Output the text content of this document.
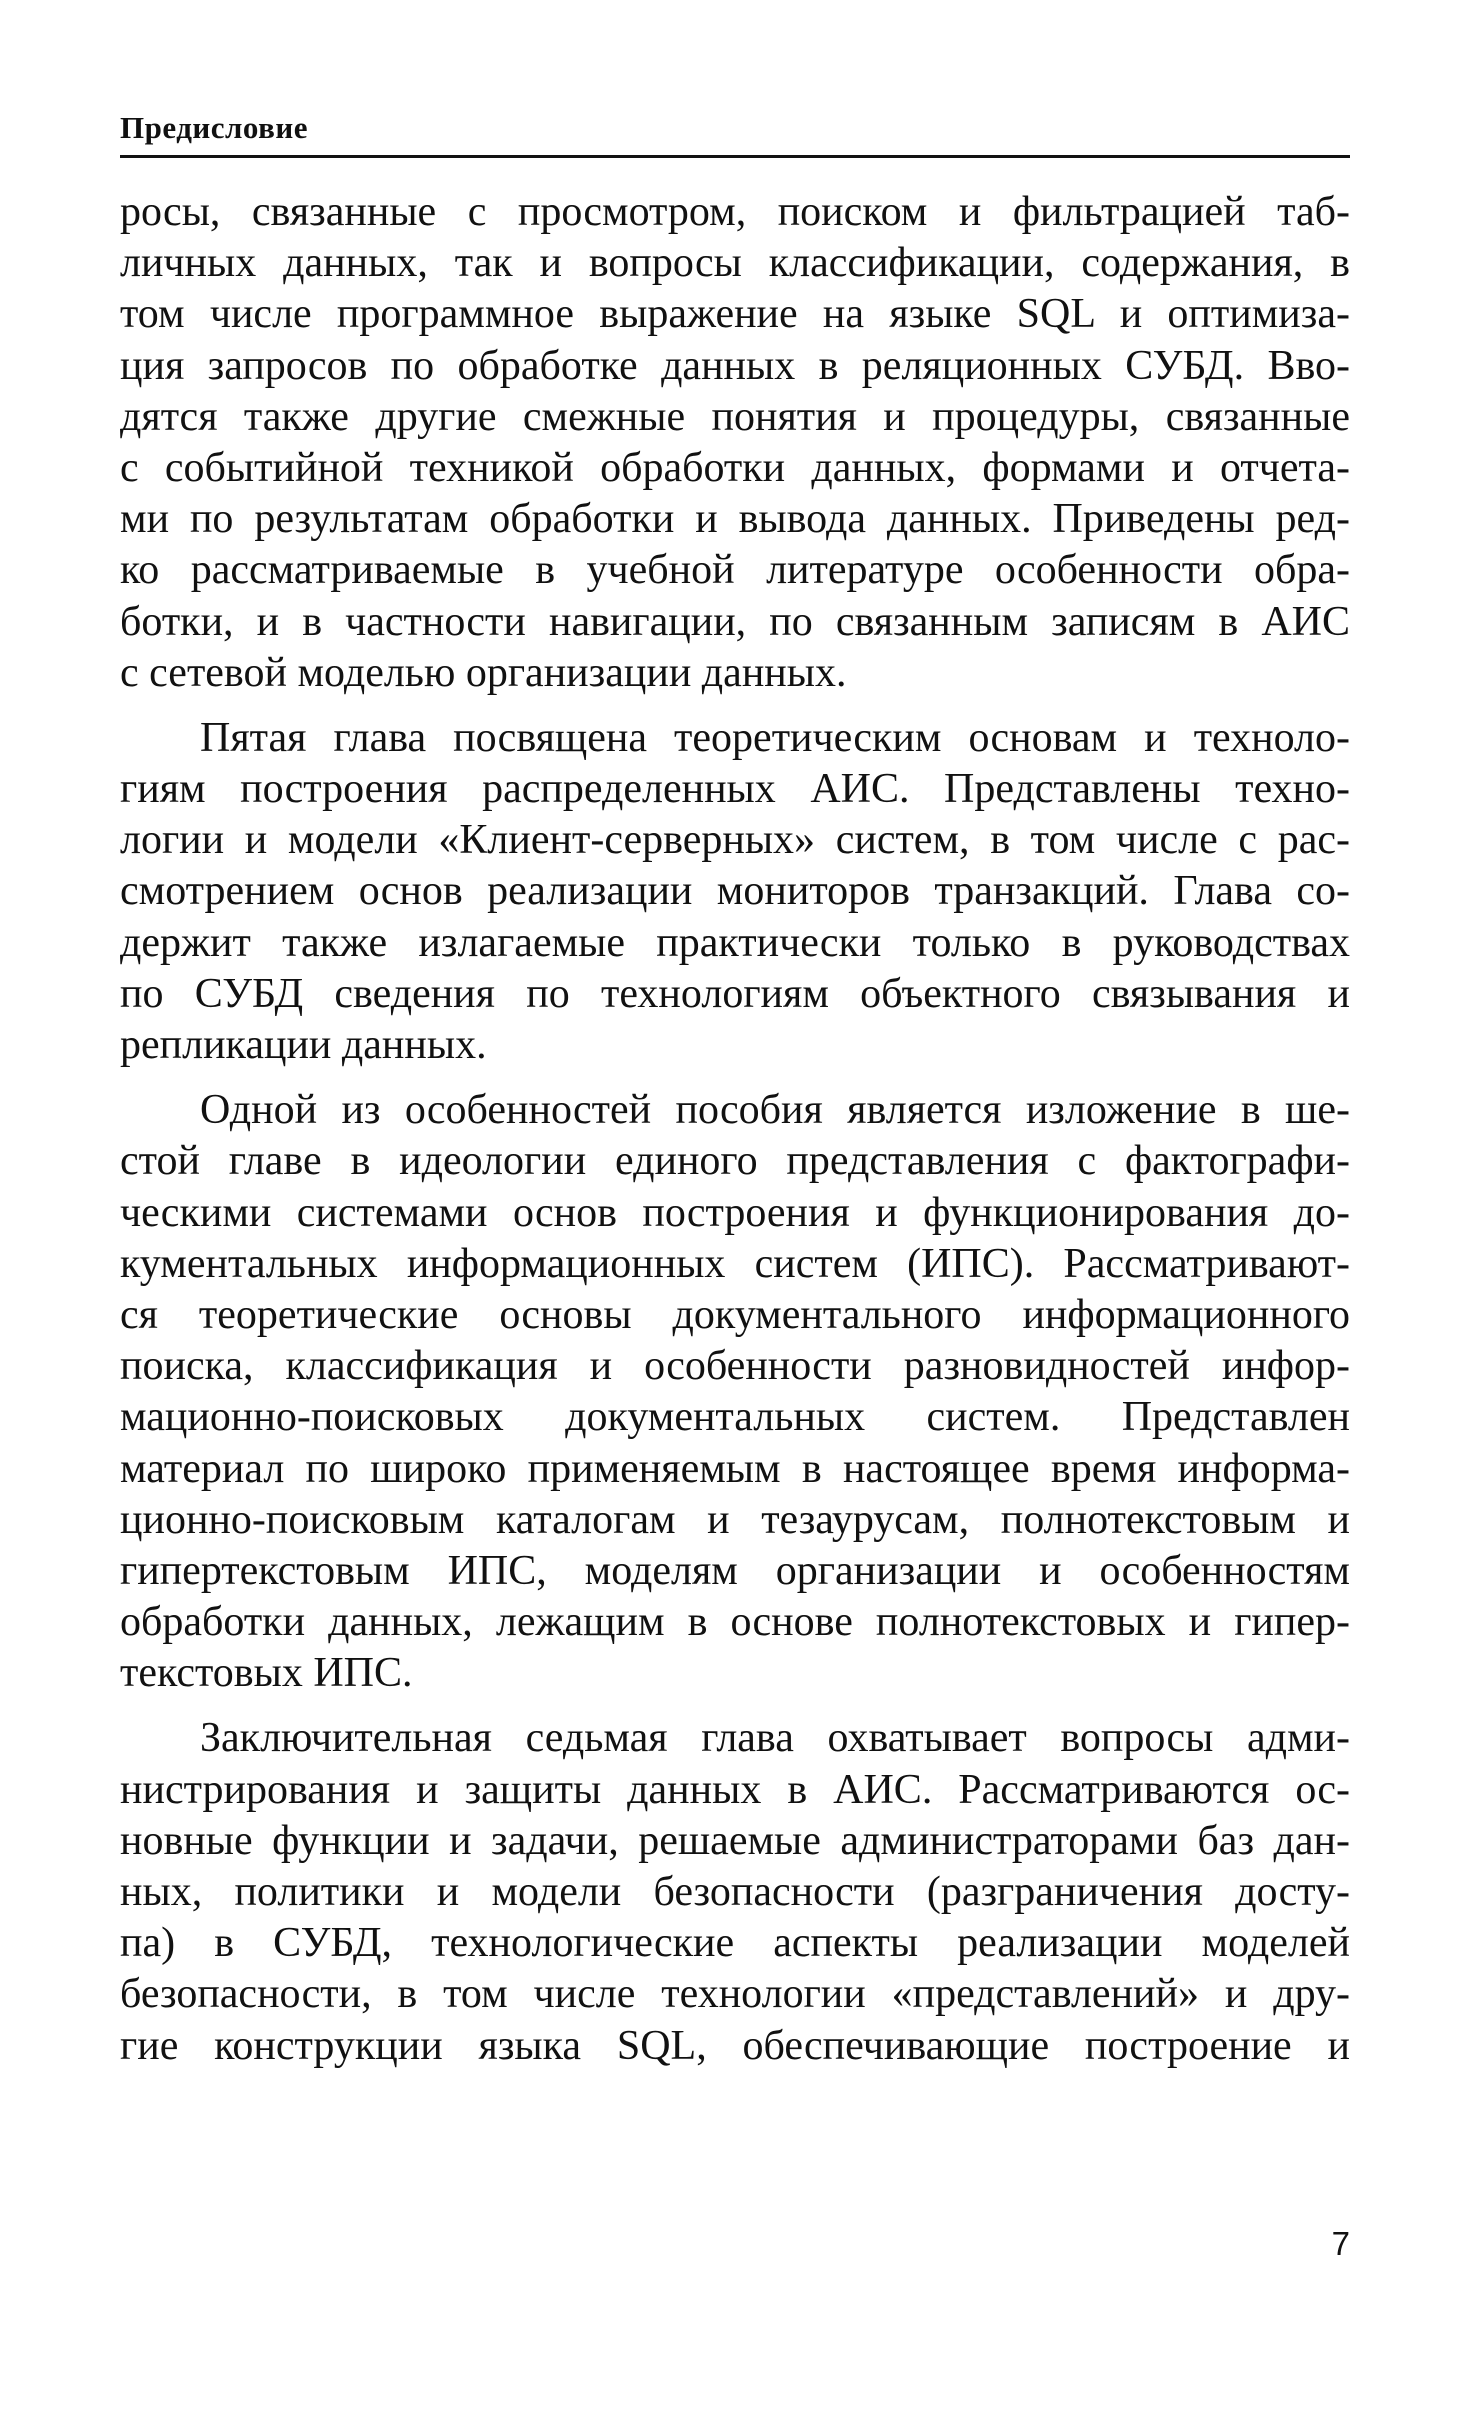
Предисловие

росы, связанные с просмотром, поиском и фильтрацией таб-
личных данных, так и вопросы классификации, содержания, в
том числе программное выражение на языке SQL и оптимиза-
ция запросов по обработке данных в реляционных СУБД. Вво-
дятся также другие смежные понятия и процедуры, связанные
с событийной техникой обработки данных, формами и отчета-
ми по результатам обработки и вывода данных. Приведены ред-
ко рассматриваемые в учебной литературе особенности обра-
ботки, и в частности навигации, по связанным записям в АИС
с сетевой моделью организации данных.

Пятая глава посвящена теоретическим основам и техноло-
гиям построения распределенных АИС. Представлены техно-
логии и модели «Клиент-серверных» систем, в том числе с рас-
смотрением основ реализации мониторов транзакций. Глава со-
держит также излагаемые практически только в руководствах
по СУБД сведения по технологиям объектного связывания и
репликации данных.

Одной из особенностей пособия является изложение в ше-
стой главе в идеологии единого представления с фактографи-
ческими системами основ построения и функционирования до-
кументальных информационных систем (ИПС). Рассматривают-
ся теоретические основы документального информационного
поиска, классификация и особенности разновидностей инфор-
мационно-поисковых документальных систем. Представлен
материал по широко применяемым в настоящее время информа-
ционно-поисковым каталогам и тезаурусам, полнотекстовым и
гипертекстовым ИПС, моделям организации и особенностям
обработки данных, лежащим в основе полнотекстовых и гипер-
текстовых ИПС.

Заключительная седьмая глава охватывает вопросы адми-
нистрирования и защиты данных в АИС. Рассматриваются ос-
новные функции и задачи, решаемые администраторами баз дан-
ных, политики и модели безопасности (разграничения досту-
па) в СУБД, технологические аспекты реализации моделей
безопасности, в том числе технологии «представлений» и дру-
гие конструкции языка SQL, обеспечивающие построение и

7
